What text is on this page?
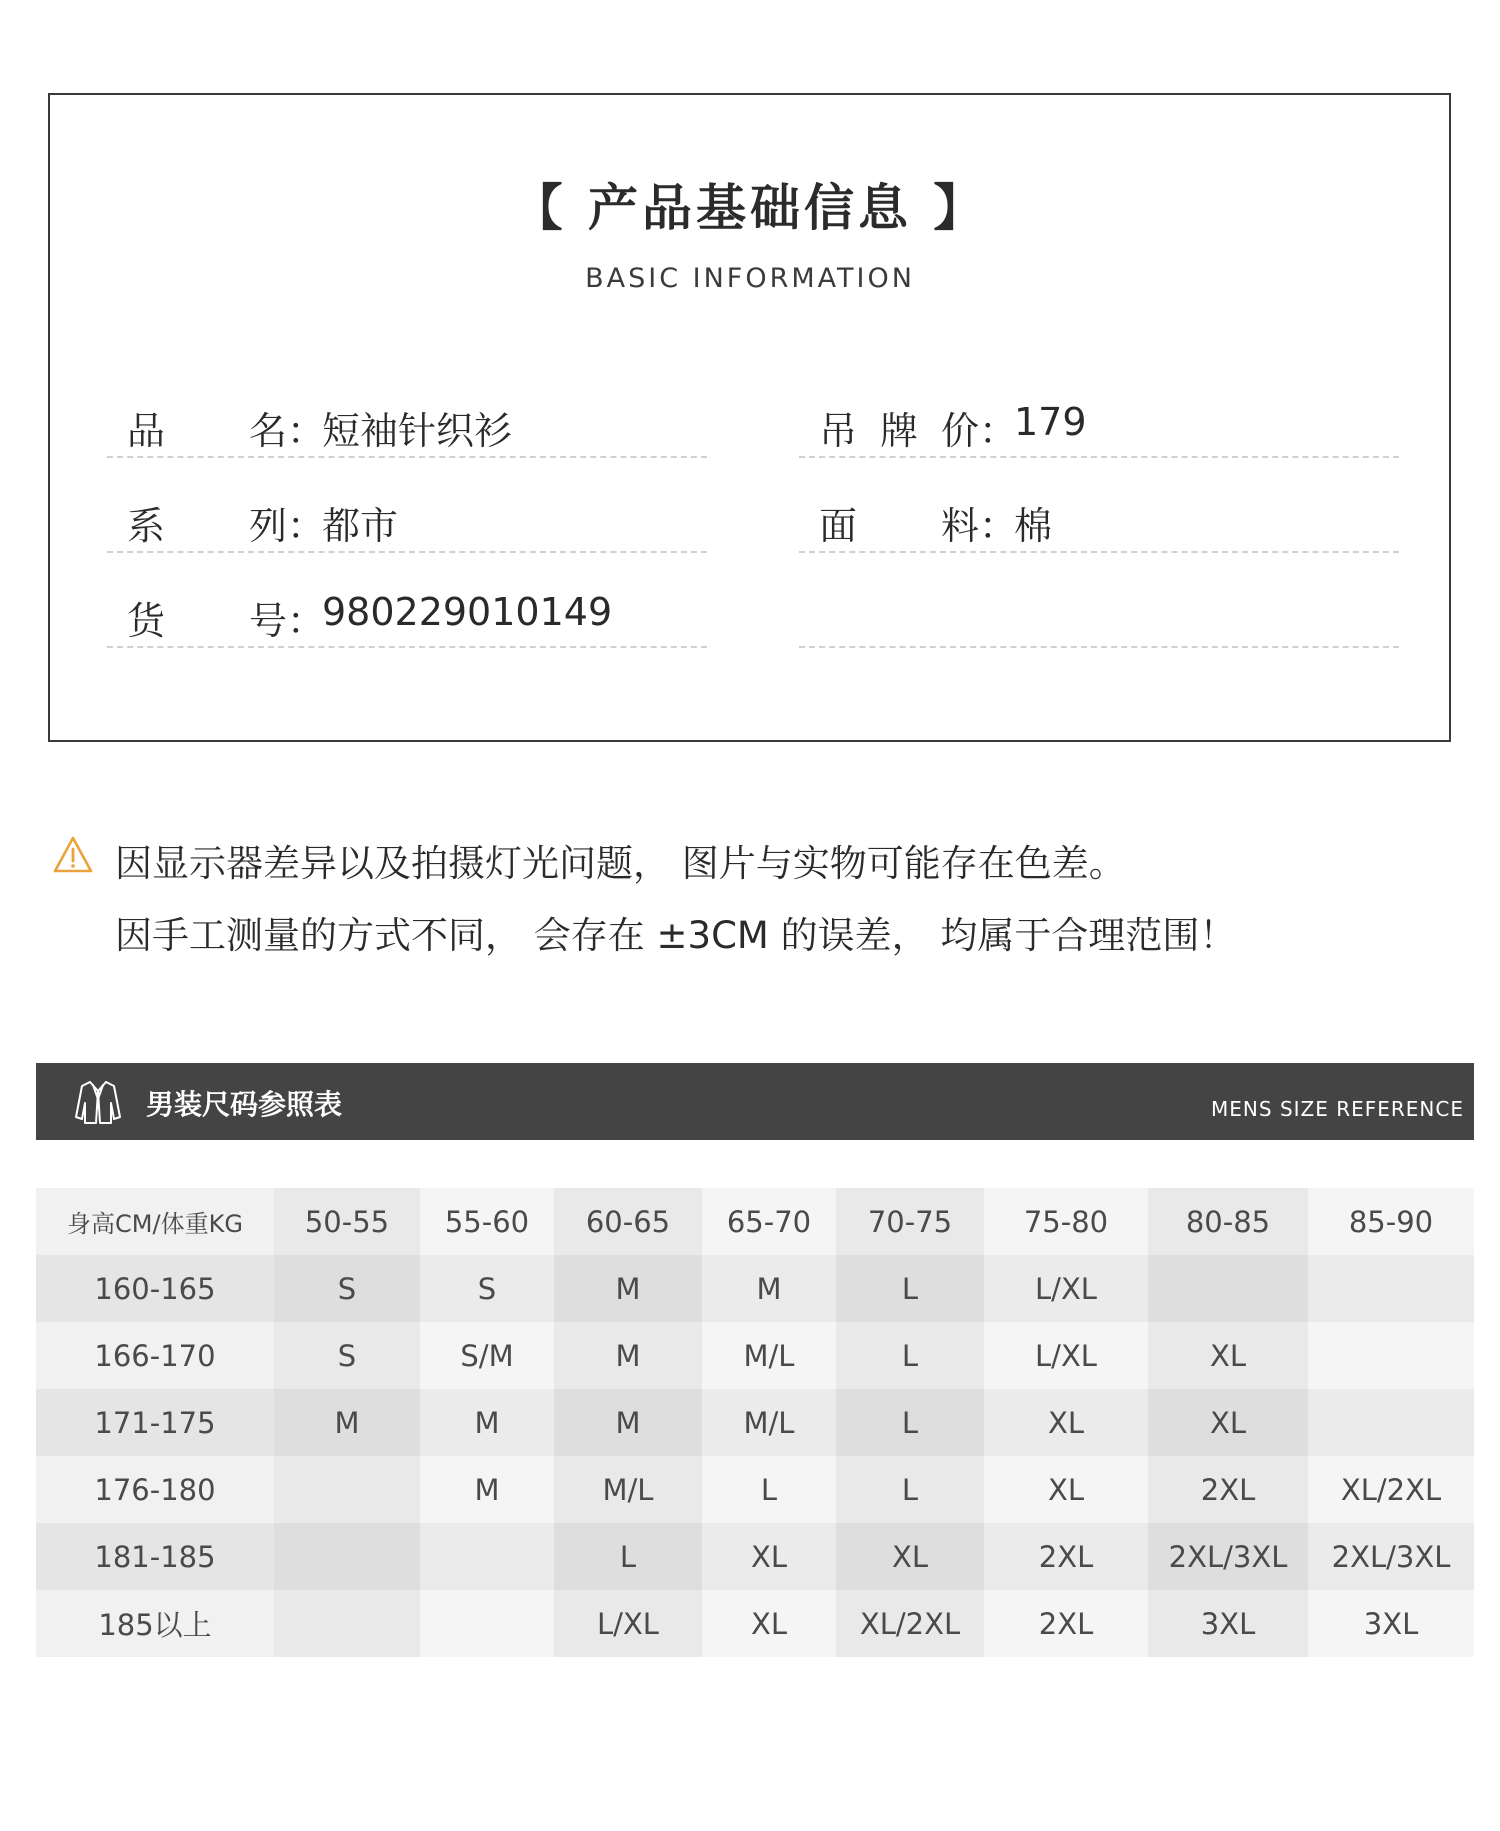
【 产品基础信息 】
BASIC INFORMATION
品 名 ：
短袖针织衫
系 列 ：
都市
货 号 ：
980229010149
吊 牌 价 ：
179
面 料 ：
棉
因显示器差异以及拍摄灯光问题， 图片与实物可能存在色差。
因手工测量的方式不同， 会存在 ±3CM 的误差， 均属于合理范围！
男装尺码参照表	MENS SIZE REFERENCE
身高CM/体重KG	50-55	55-60	60-65	65-70	70-75	75-80	80-85	85-90
160-165	S	S	M	M	L	L/XL		
166-170	S	S/M	M	M/L	L	L/XL	XL	
171-175	M	M	M	M/L	L	XL	XL	
176-180		M	M/L	L	L	XL	2XL	XL/2XL
181-185			L	XL	XL	2XL	2XL/3XL	2XL/3XL
185以上			L/XL	XL	XL/2XL	2XL	3XL	3XL
